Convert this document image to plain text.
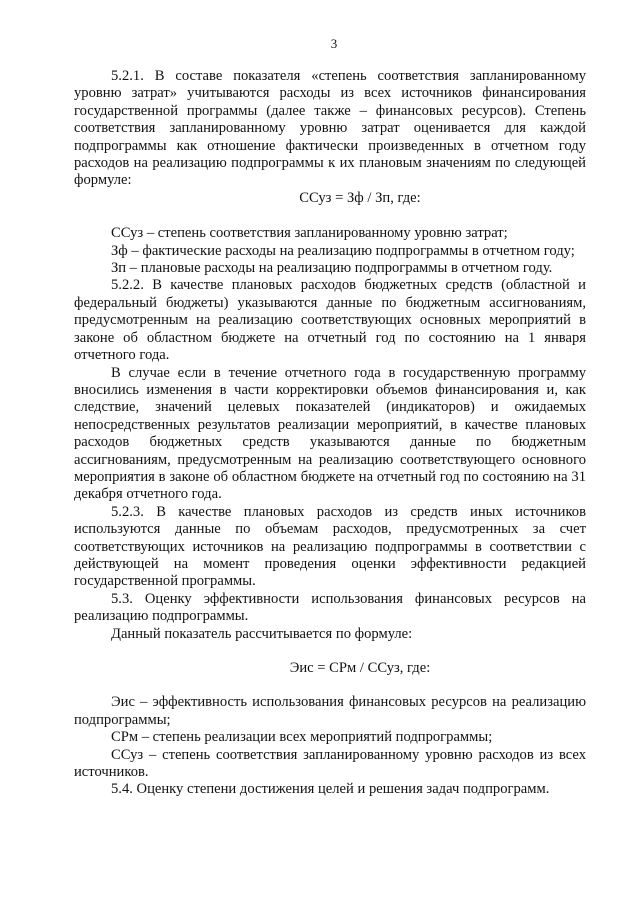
3

5.2.1. В составе показателя «степень соответствия запланированному уровню затрат» учитываются расходы из всех источников финансирования государственной программы (далее также – финансовых ресурсов). Степень соответствия запланированному уровню затрат оценивается для каждой подпрограммы как отношение фактически произведенных в отчетном году расходов на реализацию подпрограммы к их плановым значениям по следующей формуле:

ССуз = Зф / Зп, где:

ССуз – степень соответствия запланированному уровню затрат;

Зф – фактические расходы на реализацию подпрограммы в отчетном году;

Зп – плановые расходы на реализацию подпрограммы в отчетном году.

5.2.2. В качестве плановых расходов бюджетных средств (областной и федеральный бюджеты) указываются данные по бюджетным ассигнованиям, предусмотренным на реализацию соответствующих основных мероприятий в законе об областном бюджете на отчетный год по состоянию на 1 января отчетного года.

В случае если в течение отчетного года в государственную программу вносились изменения в части корректировки объемов финансирования и, как следствие, значений целевых показателей (индикаторов) и ожидаемых непосредственных результатов реализации мероприятий, в качестве плановых расходов бюджетных средств указываются данные по бюджетным ассигнованиям, предусмотренным на реализацию соответствующего основного мероприятия в законе об областном бюджете на отчетный год по состоянию на 31 декабря отчетного года.

5.2.3. В качестве плановых расходов из средств иных источников используются данные по объемам расходов, предусмотренных за счет соответствующих источников на реализацию подпрограммы в соответствии с действующей на момент проведения оценки эффективности редакцией государственной программы.

5.3. Оценку эффективности использования финансовых ресурсов на реализацию подпрограммы.

Данный показатель рассчитывается по формуле:

Эис = СРм / ССуз, где:

Эис – эффективность использования финансовых ресурсов на реализацию подпрограммы;

СРм – степень реализации всех мероприятий подпрограммы;

ССуз – степень соответствия запланированному уровню расходов из всех источников.

5.4. Оценку степени достижения целей и решения задач подпрограмм.
